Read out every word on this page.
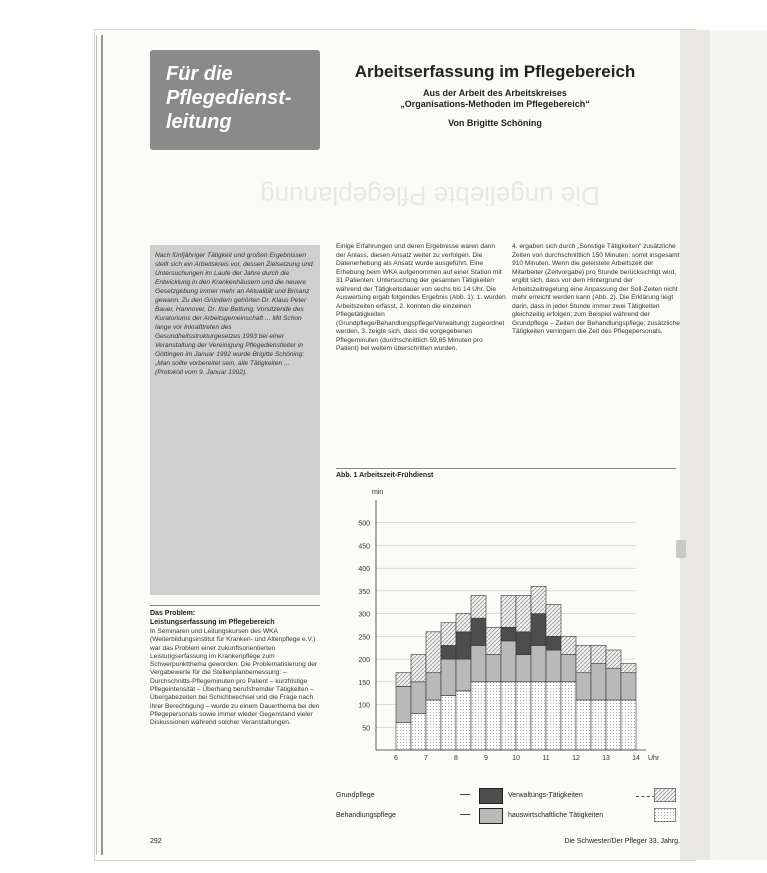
Für die
Pflegedienst-
leitung
Arbeitserfassung im Pflegebereich
Aus der Arbeit des Arbeitskreises
„Organisations-Methoden im Pflegebereich“
Von Brigitte Schöning
Die ungeliebte Pflegeplanung
Nach fünfjähriger Tätigkeit und großen Ergebnissen stellt sich ein Arbeitskreis vor, dessen Zielsetzung und Untersuchungen im Laufe der Jahre durch die Entwicklung in den Krankenhäusern und die neuere Gesetzgebung immer mehr an Aktualität und Brisanz gewann. Zu den Gründern gehörten Dr. Klaus Peter Bauer, Hannover, Dr. Ilse Bettung, Vorsitzende des Kuratoriums der Arbeitsgemeinschaft ... Mit Schon lange vor Inkrafttreten des Gesundheitsstrukturgesetzes 1993 bei einer Veranstaltung der Vereinigung Pflegedienstleiter in Göttingen im Januar 1992 wurde Brigitte Schöning: „Man sollte vorbereitet sein, alle Tätigkeiten ... (Protokoll vom 9. Januar 1992).
Einige Erfahrungen und deren Ergebnisse waren dann der Anlass, diesen Ansatz weiter zu verfolgen. Die Datenerhebung als Ansatz wurde ausgeführt. Eine Erhebung beim WKA aufgenommen auf einer Station mit 31 Patienten: Untersuchung der gesamten Tätigkeiten während der Tätigkeitsdauer von sechs bis 14 Uhr. Die Auswertung ergab folgendes Ergebnis (Abb. 1): 1. wurden Arbeitszeiten erfasst, 2. konnten die einzelnen Pflegetätigkeiten (Grundpflege/Behandlungspflege/Verwaltung) zugeordnet werden, 3. zeigte sich, dass die vorgegebenen Pflegeminuten (durchschnittlich 59,65 Minuten pro Patient) bei weitem überschritten wurden.
4. ergaben sich durch „Sonstige Tätigkeiten“ zusätzliche Zeiten von durchschnittlich 150 Minuten; somit insgesamt 910 Minuten. Wenn die geleistete Arbeitszeit der Mitarbeiter (Zeitvorgabe) pro Stunde berücksichtigt wird, ergibt sich, dass vor dem Hintergrund der Arbeitszeitregelung eine Anpassung der Soll-Zeiten nicht mehr erreicht werden kann (Abb. 2). Die Erklärung liegt darin, dass in jeder Stunde immer zwei Tätigkeiten gleichzeitig erfolgen; zum Beispiel während der Grundpflege – Zeiten der Behandlungspflege; zusätzliche Tätigkeiten verringern die Zeit des Pflegepersonals.
Das Problem:
Leistungserfassung im Pflegebereich
In Seminaren und Leitungskursen des WKA (Weiterbildungsinstitut für Kranken- und Altenpflege e.V.) war das Problem einer zukunftsorientierten Leistungserfassung im Krankenpflege zum Schwerpunktthema geworden. Die Problematisierung der Vergabewerte für die Stellenplanbemessung: – Durchschnitts-Pflegeminuten pro Patient – kurzfristige Pflegeintensität – Überhang berufsfremder Tätigkeiten – Übergabezeiten bei Schichtwechsel und die Frage nach ihrer Berechtigung – wurde zu einem Dauerthema bei den Pflegepersonals sowie immer wieder Gegenstand vieler Diskussionen während solcher Veranstaltungen.
Abb. 1 Arbeitszeit-Frühdienst
50
100
150
200
250
300
350
400
450
500
min
6	7	8	9	10	11	12	13	14 Uhr
Grundpflege
Behandlungspflege
Verwaltungs-Tätigkeiten
hauswirtschaftliche Tätigkeiten
292	Die Schwester/Der Pfleger 33. Jahrg.
